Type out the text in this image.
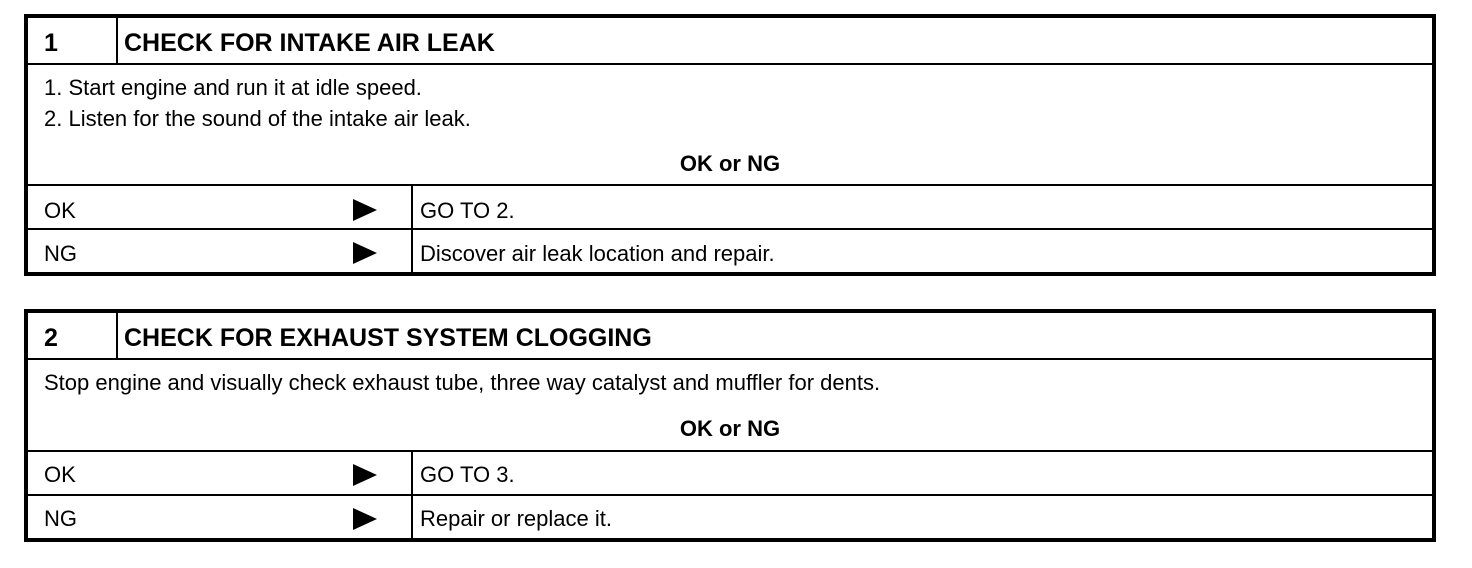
1	CHECK FOR INTAKE AIR LEAK
1. Start engine and run it at idle speed.
2. Listen for the sound of the intake air leak.
OK or NG
OK	GO TO 2.
NG	Discover air leak location and repair.
2	CHECK FOR EXHAUST SYSTEM CLOGGING
Stop engine and visually check exhaust tube, three way catalyst and muffler for dents.
OK or NG
OK	GO TO 3.
NG	Repair or replace it.
